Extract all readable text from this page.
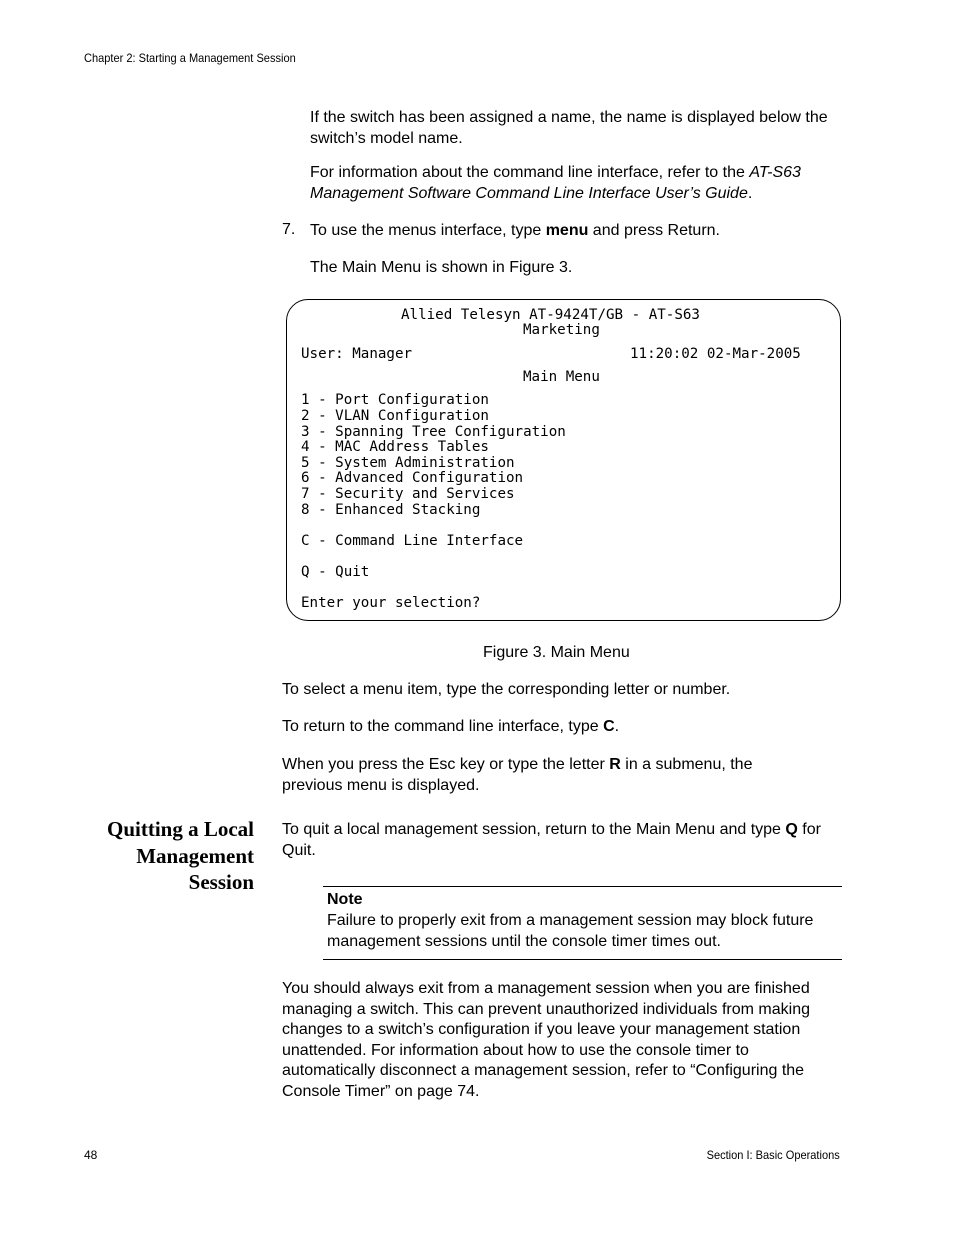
Chapter 2: Starting a Management Session
If the switch has been assigned a name, the name is displayed below the switch’s model name.
For information about the command line interface, refer to the AT-S63 Management Software Command Line Interface User’s Guide.
7. To use the menus interface, type menu and press Return.
The Main Menu is shown in Figure 3.
Allied Telesyn AT-9424T/GB - AT-S63
Marketing
User: Manager	11:20:02 02-Mar-2005
Main Menu
1 - Port Configuration
2 - VLAN Configuration
3 - Spanning Tree Configuration
4 - MAC Address Tables
5 - System Administration
6 - Advanced Configuration
7 - Security and Services
8 - Enhanced Stacking
C - Command Line Interface
Q - Quit
Enter your selection?
Figure 3. Main Menu
To select a menu item, type the corresponding letter or number.
To return to the command line interface, type C.
When you press the Esc key or type the letter R in a submenu, the previous menu is displayed.
Quitting a Local
Management
Session
To quit a local management session, return to the Main Menu and type Q for Quit.
Note
Failure to properly exit from a management session may block future management sessions until the console timer times out.
You should always exit from a management session when you are finished managing a switch. This can prevent unauthorized individuals from making changes to a switch’s configuration if you leave your management station unattended. For information about how to use the console timer to automatically disconnect a management session, refer to “Configuring the Console Timer” on page 74.
48	Section I: Basic Operations
